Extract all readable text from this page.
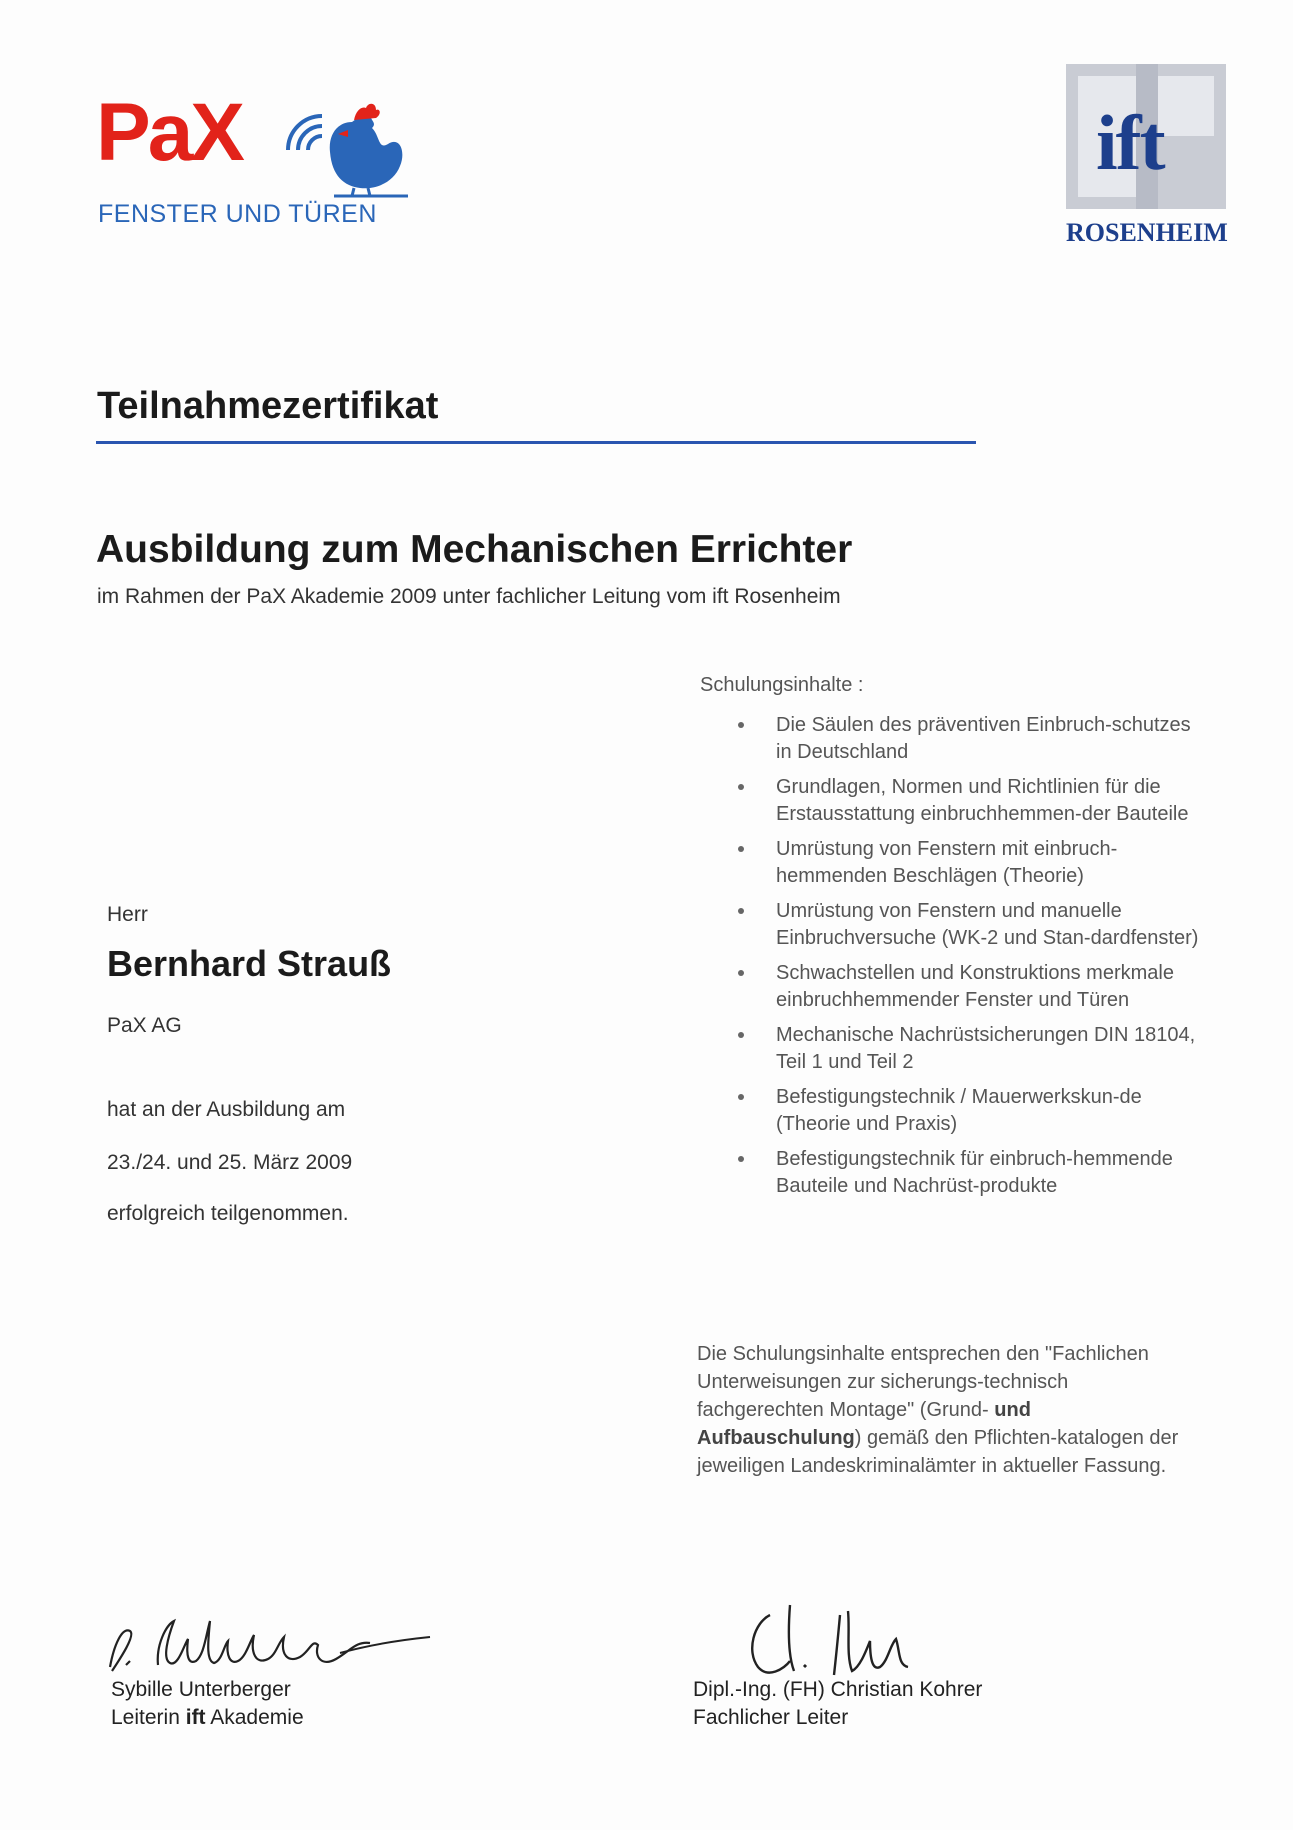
PaX
FENSTER UND TÜREN
ift
ROSENHEIM
Teilnahmezertifikat
Ausbildung zum Mechanischen Errichter
im Rahmen der PaX Akademie 2009 unter fachlicher Leitung vom ift Rosenheim
Herr
Bernhard Strauß
PaX AG
hat an der Ausbildung am
23./24. und 25. März 2009
erfolgreich teilgenommen.
Schulungsinhalte :
Die Säulen des präventiven Einbruch-schutzes in Deutschland
Grundlagen, Normen und Richtlinien für die Erstausstattung einbruchhemmen-der Bauteile
Umrüstung von Fenstern mit einbruch-hemmenden Beschlägen (Theorie)
Umrüstung von Fenstern und manuelle Einbruchversuche (WK-2 und Stan-dardfenster)
Schwachstellen und Konstruktions merkmale einbruchhemmender Fenster und Türen
Mechanische Nachrüstsicherungen DIN 18104, Teil 1 und Teil 2
Befestigungstechnik / Mauerwerkskun-de (Theorie und Praxis)
Befestigungstechnik für einbruch-hemmende Bauteile und Nachrüst-produkte
Die Schulungsinhalte entsprechen den "Fachlichen Unterweisungen zur sicherungs-technisch fachgerechten Montage" (Grund- und Aufbauschulung) gemäß den Pflichten-katalogen der jeweiligen Landeskriminalämter in aktueller Fassung.
Sybille Unterberger
Leiterin ift Akademie
Dipl.-Ing. (FH) Christian Kohrer
Fachlicher Leiter
